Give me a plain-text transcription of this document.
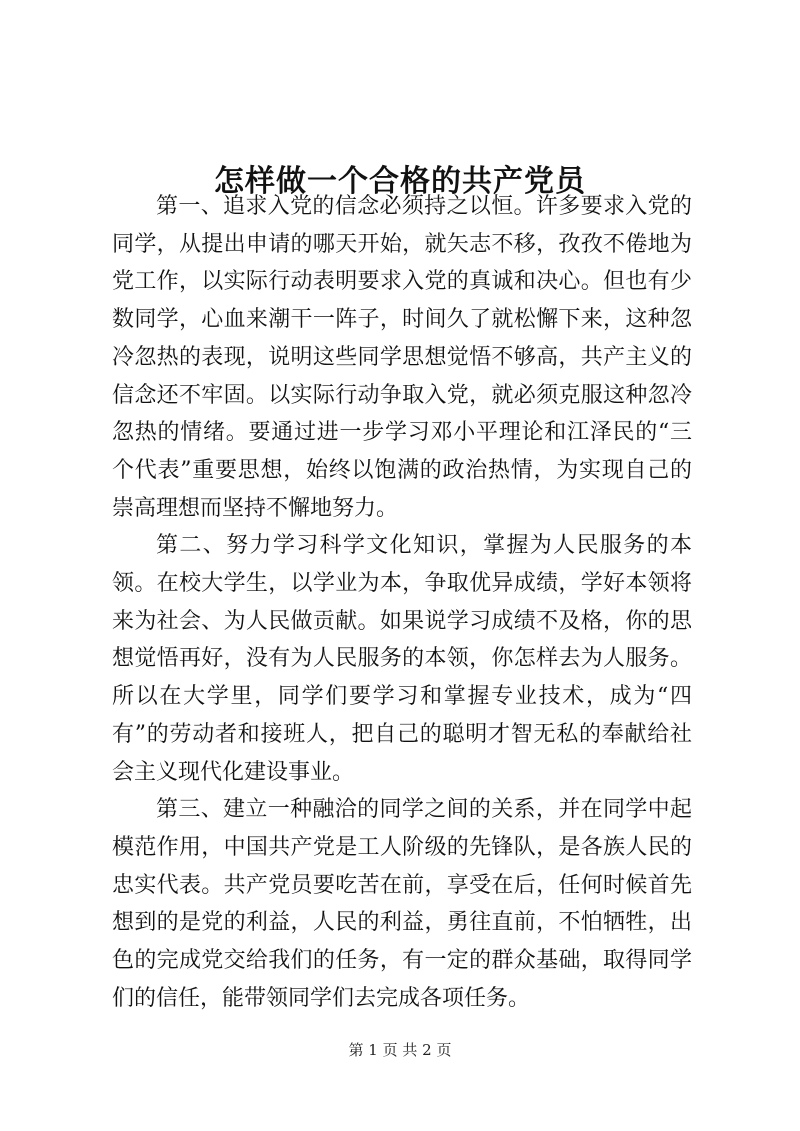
怎样做一个合格的共产党员

第一、追求入党的信念必须持之以恒。许多要求入党的同学，从提出申请的哪天开始，就矢志不移，孜孜不倦地为党工作，以实际行动表明要求入党的真诚和决心。但也有少数同学，心血来潮干一阵子，时间久了就松懈下来，这种忽冷忽热的表现，说明这些同学思想觉悟不够高，共产主义的信念还不牢固。以实际行动争取入党，就必须克服这种忽冷忽热的情绪。要通过进一步学习邓小平理论和江泽民的“三个代表”重要思想，始终以饱满的政治热情，为实现自己的崇高理想而坚持不懈地努力。

第二、努力学习科学文化知识，掌握为人民服务的本领。在校大学生，以学业为本，争取优异成绩，学好本领将来为社会、为人民做贡献。如果说学习成绩不及格，你的思想觉悟再好，没有为人民服务的本领，你怎样去为人服务。所以在大学里，同学们要学习和掌握专业技术，成为“四有”的劳动者和接班人，把自己的聪明才智无私的奉献给社会主义现代化建设事业。

第三、建立一种融洽的同学之间的关系，并在同学中起模范作用，中国共产党是工人阶级的先锋队，是各族人民的忠实代表。共产党员要吃苦在前，享受在后，任何时候首先想到的是党的利益，人民的利益，勇往直前，不怕牺牲，出色的完成党交给我们的任务，有一定的群众基础，取得同学们的信任，能带领同学们去完成各项任务。

第 1 页 共 2 页
